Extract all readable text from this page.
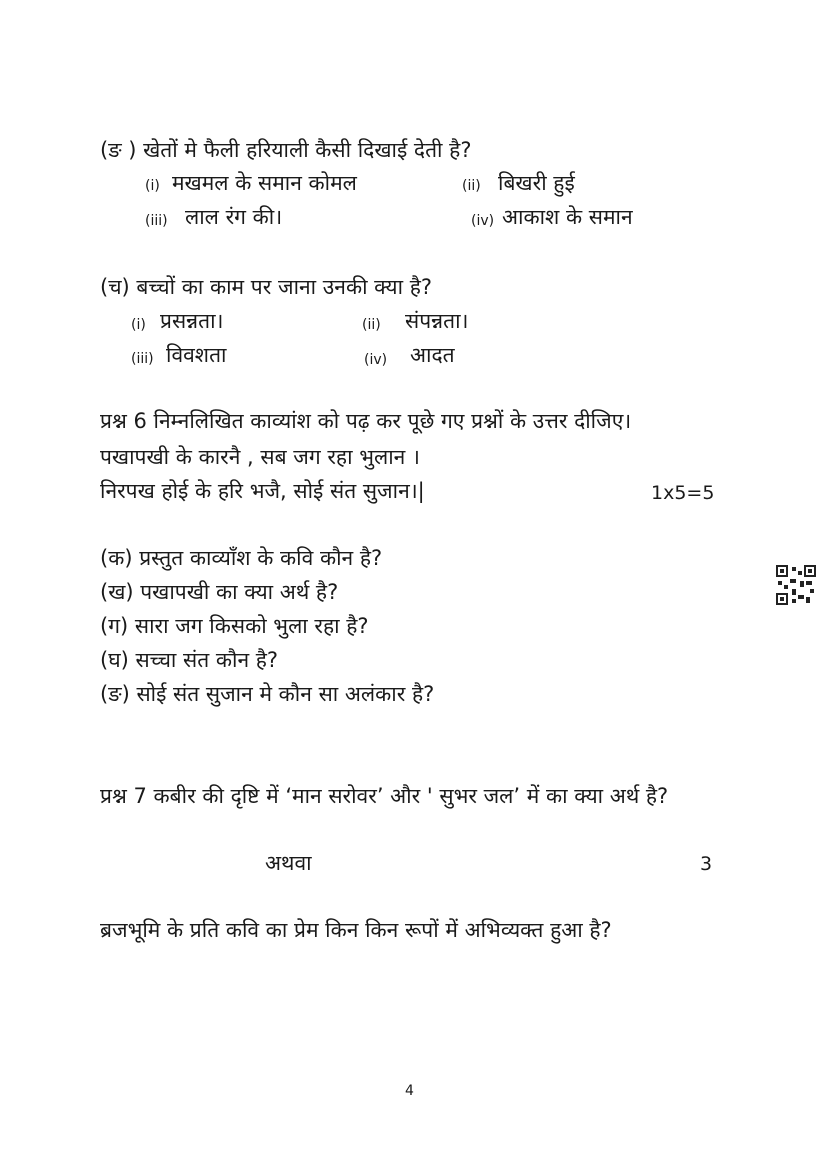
(ङ ) खेतों मे फैली हरियाली कैसी दिखाई देती है?
(i) मखमल के समान कोमल	(ii) बिखरी हुई
(iii) लाल रंग की।	(iv) आकाश के समान
(च) बच्चों का काम पर जाना उनकी क्या है?
(i) प्रसन्नता।	(ii) संपन्नता।
(iii) विवशता	(iv) आदत
प्रश्न 6 निम्नलिखित काव्यांश को पढ़ कर पूछे गए प्रश्नों के उत्तर दीजिए।
पखापखी के कारनै , सब जग रहा भुलान ।
निरपख होई के हरि भजै, सोई संत सुजान।|	1x5=5
(क) प्रस्तुत काव्याँश के कवि कौन है?
(ख) पखापखी का क्या अर्थ है?
(ग) सारा जग किसको भुला रहा है?
(घ) सच्चा संत कौन है?
(ङ) सोई संत सुजान मे कौन सा अलंकार है?
प्रश्न 7 कबीर की दृष्टि में ‘मान सरोवर’ और ' सुभर जल’ में का क्या अर्थ है?
अथवा	3
ब्रजभूमि के प्रति कवि का प्रेम किन किन रूपों में अभिव्यक्त हुआ है?
4
